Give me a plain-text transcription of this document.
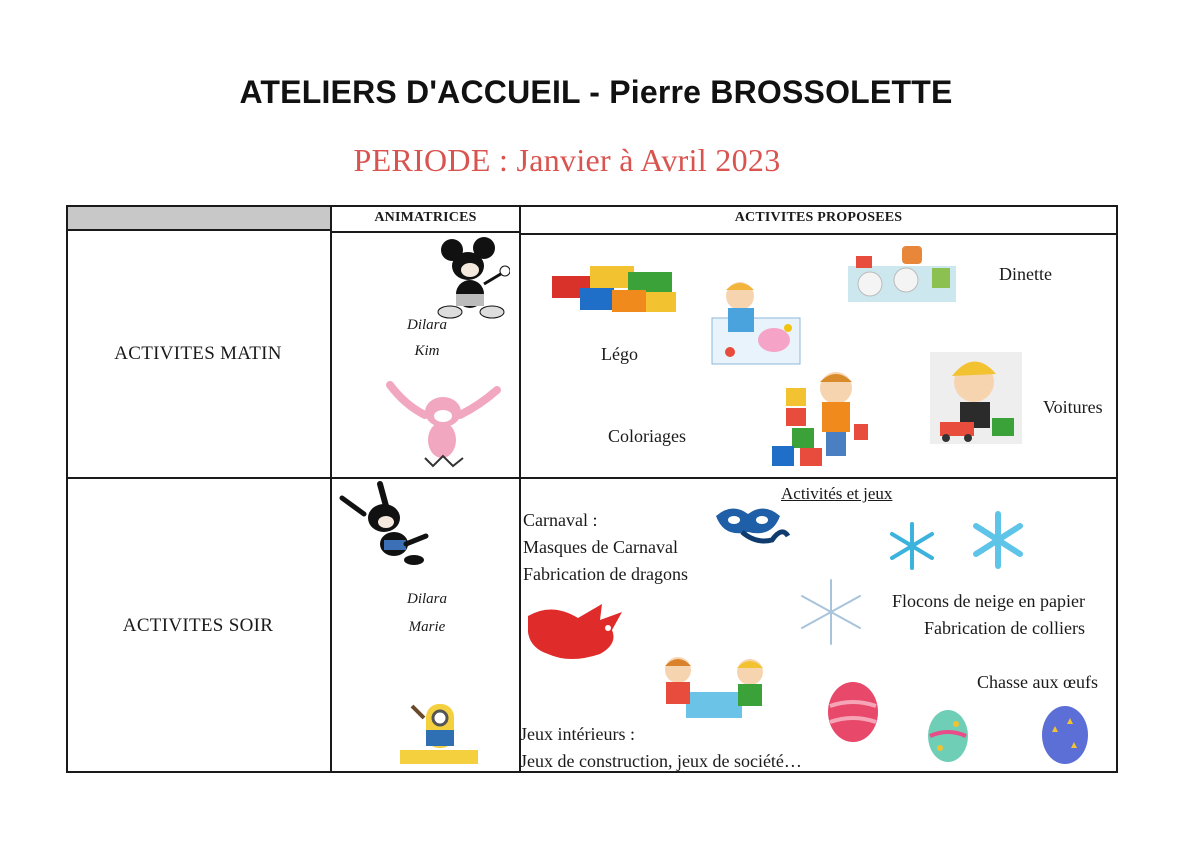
ATELIERS D'ACCUEIL - Pierre BROSSOLETTE
PERIODE : Janvier à Avril 2023
ANIMATRICES	ACTIVITES PROPOSEES
ACTIVITES MATIN
Dilara
Kim	Légo
Coloriages
Dinette
Voitures
ACTIVITES SOIR
Dilara
Marie
Activités et jeux
Carnaval :
Masques de Carnaval
Fabrication de dragons
Flocons de neige en papier
Fabrication de colliers
Chasse aux œufs
Jeux intérieurs :
Jeux de construction, jeux de société…
